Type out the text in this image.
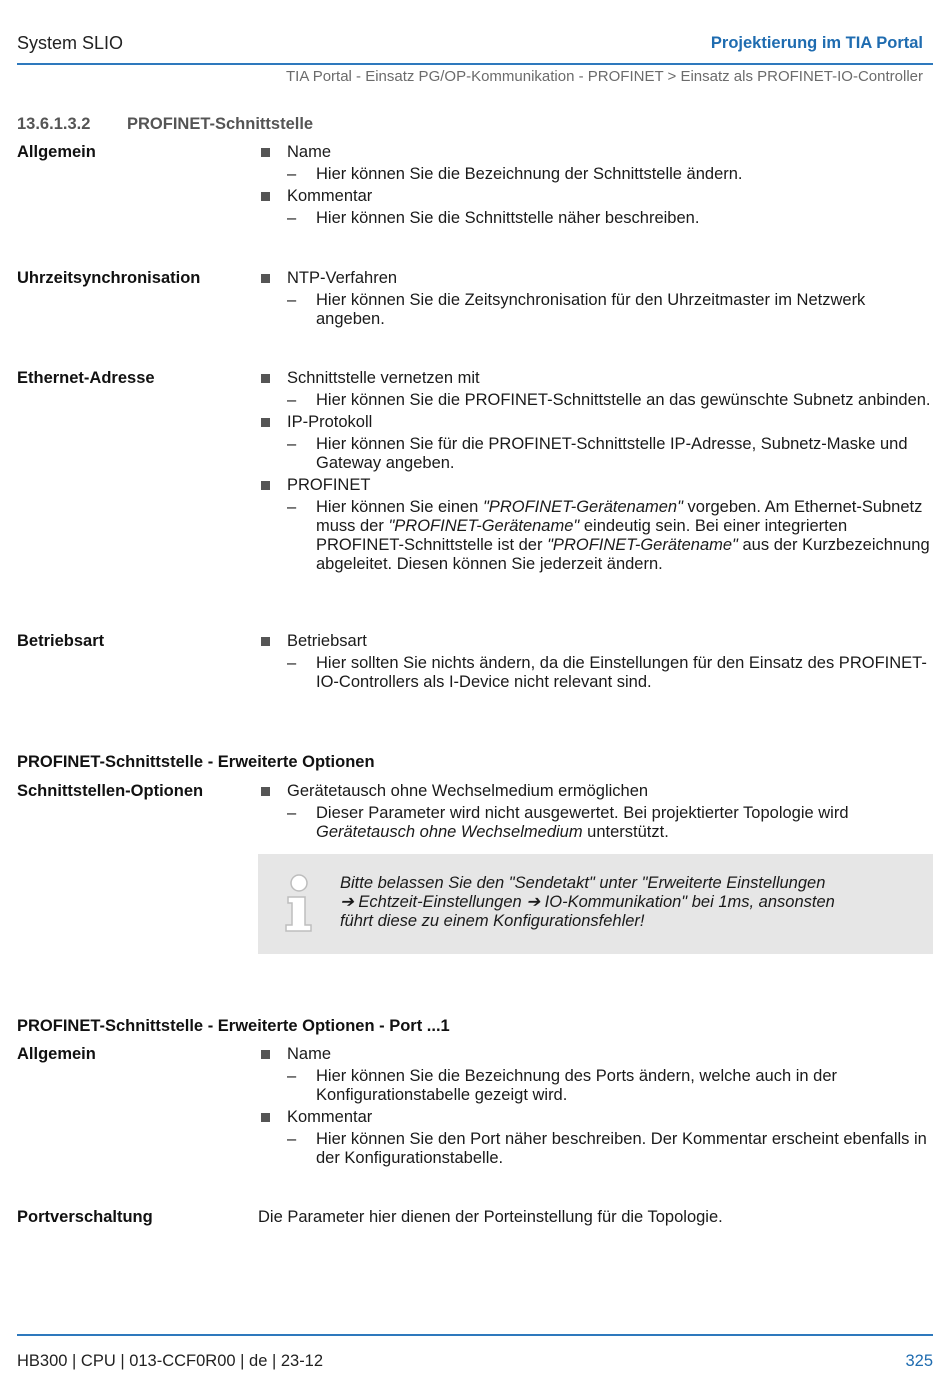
System SLIO	Projektierung im TIA Portal
TIA Portal - Einsatz PG/OP-Kommunikation - PROFINET > Einsatz als PROFINET-IO-Controller
13.6.1.3.2 PROFINET-Schnittstelle
Allgemein	Name
– Hier können Sie die Bezeichnung der Schnittstelle ändern.
Kommentar
– Hier können Sie die Schnittstelle näher beschreiben.
Uhrzeitsynchronisation	NTP-Verfahren
– Hier können Sie die Zeitsynchronisation für den Uhrzeitmaster im Netzwerk angeben.
Ethernet-Adresse	Schnittstelle vernetzen mit
– Hier können Sie die PROFINET-Schnittstelle an das gewünschte Subnetz anbinden.
IP-Protokoll
– Hier können Sie für die PROFINET-Schnittstelle IP-Adresse, Subnetz-Maske und Gateway angeben.
PROFINET
– Hier können Sie einen "PROFINET-Gerätenamen" vorgeben. Am Ethernet-Subnetz muss der "PROFINET-Gerätename" eindeutig sein. Bei einer integrierten PROFINET-Schnittstelle ist der "PROFINET-Gerätename" aus der Kurzbezeichnung abgeleitet. Diesen können Sie jederzeit ändern.
Betriebsart	Betriebsart
– Hier sollten Sie nichts ändern, da die Einstellungen für den Einsatz des PROFINET-IO-Controllers als I-Device nicht relevant sind.
PROFINET-Schnittstelle - Erweiterte Optionen
Schnittstellen-Optionen	Gerätetausch ohne Wechselmedium ermöglichen
– Dieser Parameter wird nicht ausgewertet. Bei projektierter Topologie wird Gerätetausch ohne Wechselmedium unterstützt.
Bitte belassen Sie den "Sendetakt" unter "Erweiterte Einstellungen
➔ Echtzeit-Einstellungen ➔ IO-Kommunikation" bei 1ms, ansonsten
führt diese zu einem Konfigurationsfehler!
PROFINET-Schnittstelle - Erweiterte Optionen - Port ...1
Allgemein	Name
– Hier können Sie die Bezeichnung des Ports ändern, welche auch in der Konfigurationstabelle gezeigt wird.
Kommentar
– Hier können Sie den Port näher beschreiben. Der Kommentar erscheint ebenfalls in der Konfigurationstabelle.
Portverschaltung	Die Parameter hier dienen der Porteinstellung für die Topologie.
HB300 | CPU | 013-CCF0R00 | de | 23-12	325
